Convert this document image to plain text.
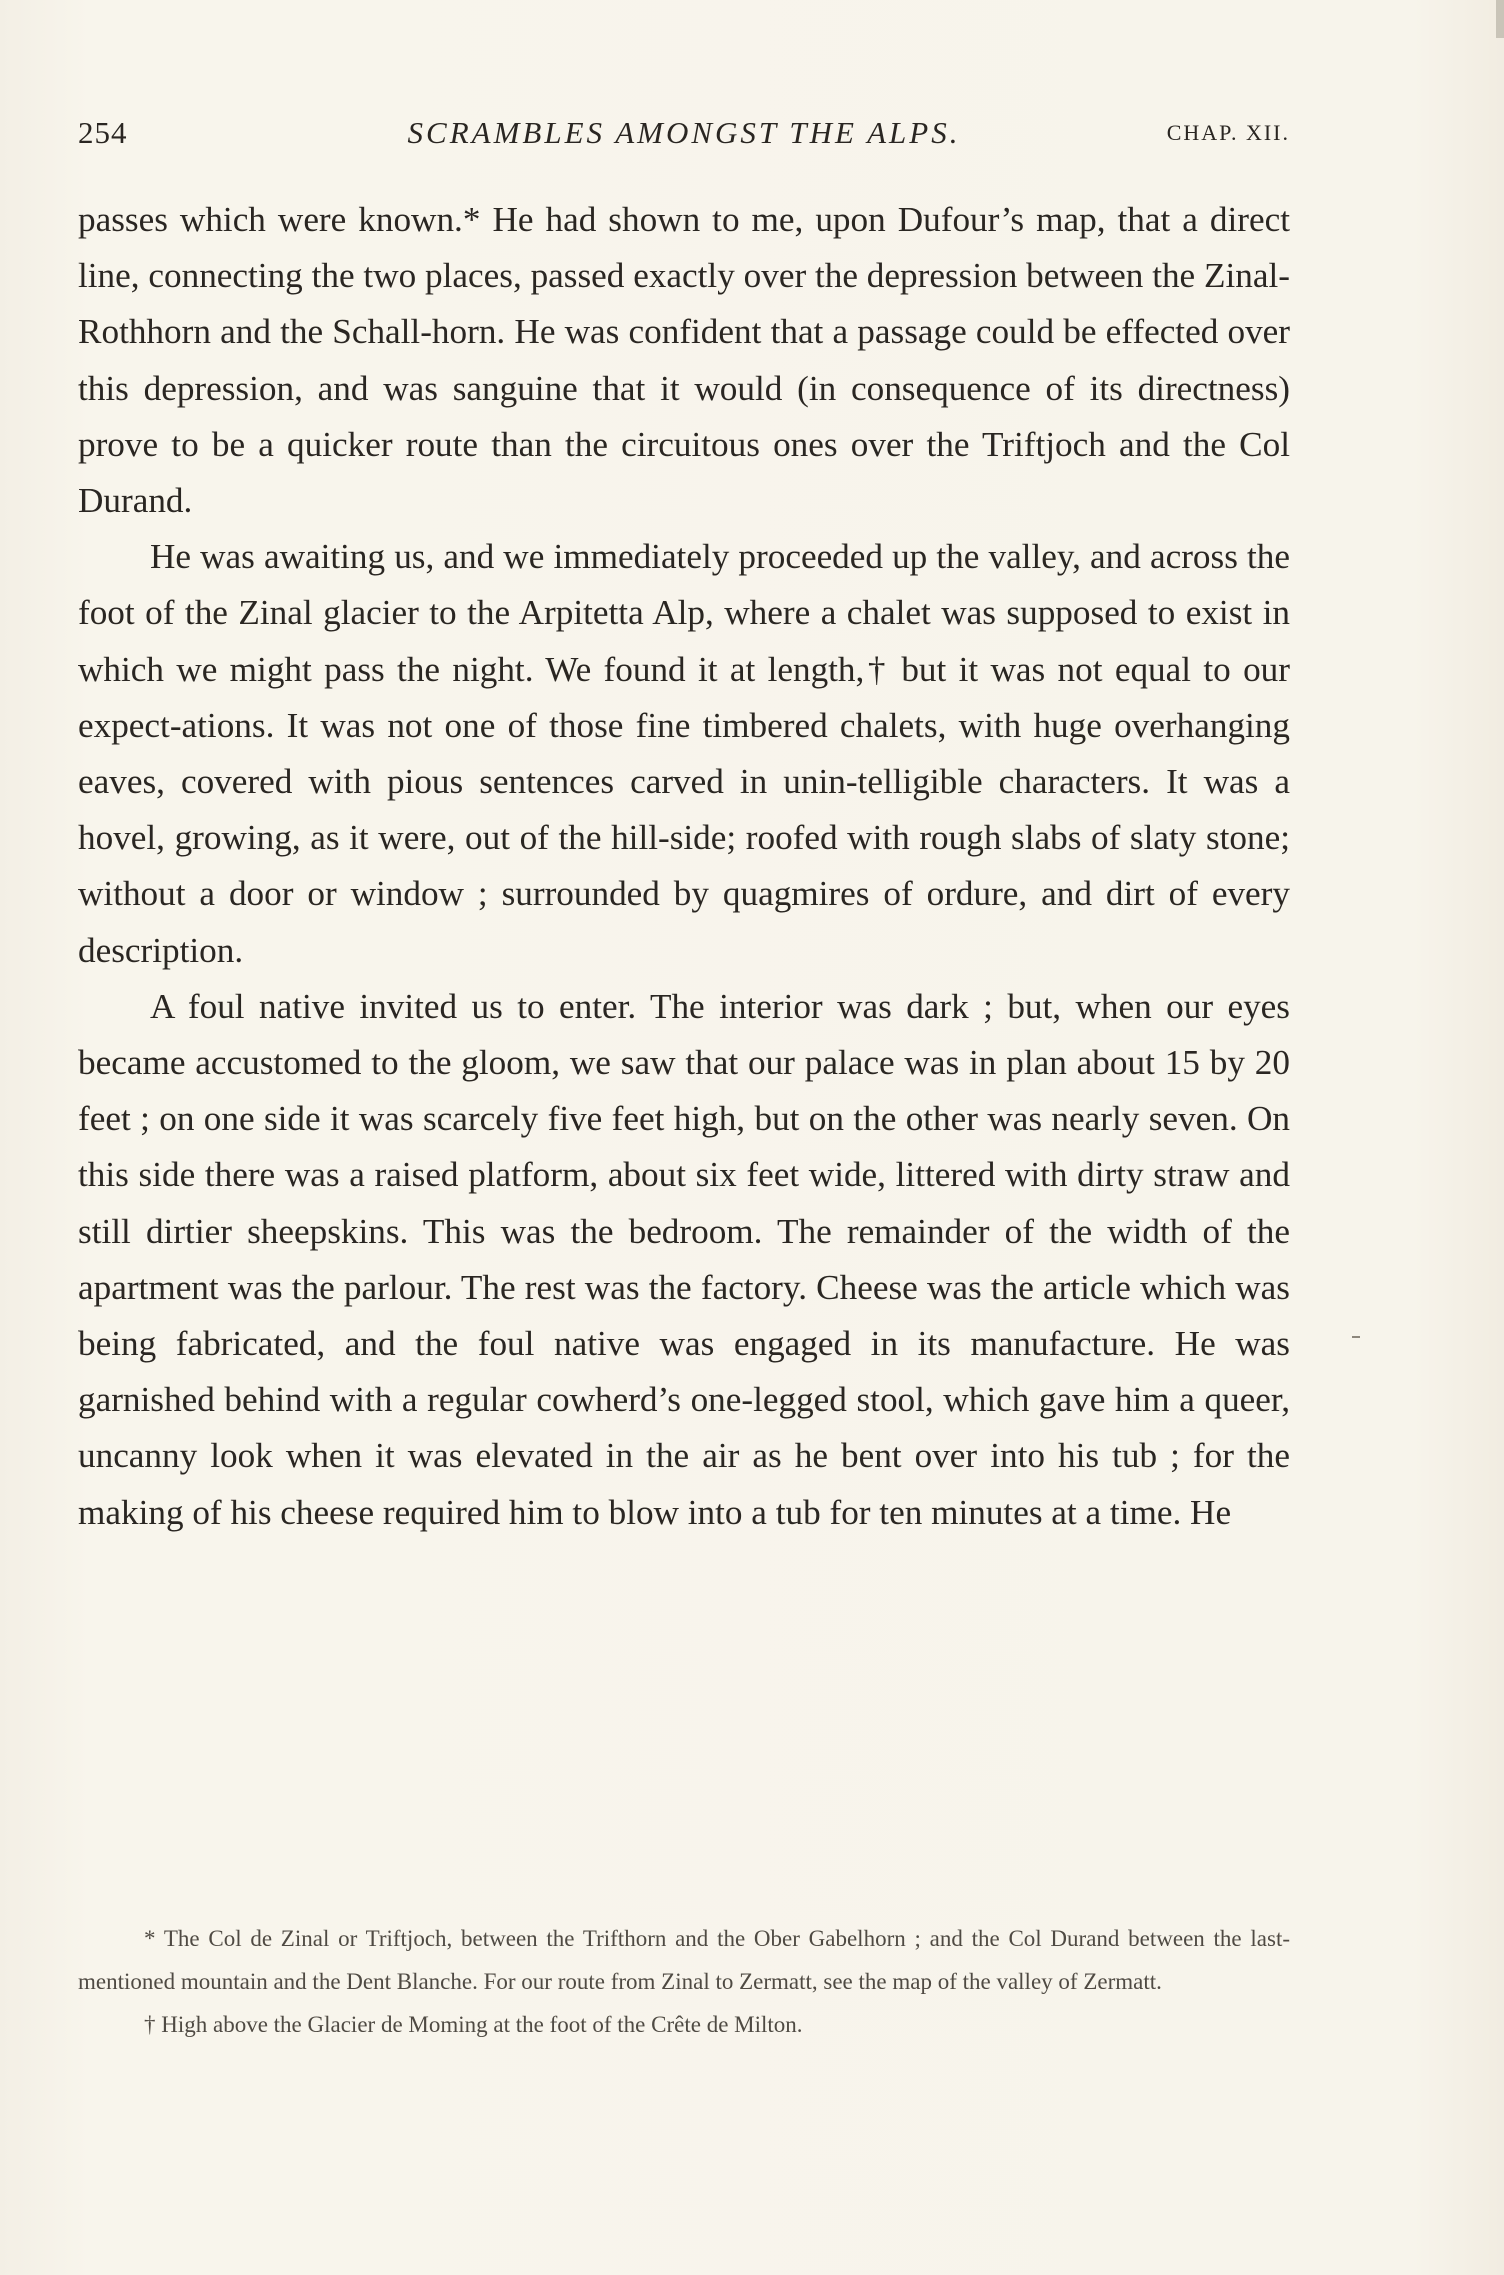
254	SCRAMBLES AMONGST THE ALPS.	CHAP. XII.

passes which were known.* He had shown to me, upon Dufour’s map, that a direct line, connecting the two places, passed exactly over the depression between the Zinal-Rothhorn and the Schall-horn. He was confident that a passage could be effected over this depression, and was sanguine that it would (in consequence of its directness) prove to be a quicker route than the circuitous ones over the Triftjoch and the Col Durand.

He was awaiting us, and we immediately proceeded up the valley, and across the foot of the Zinal glacier to the Arpitetta Alp, where a chalet was supposed to exist in which we might pass the night. We found it at length,† but it was not equal to our expect-ations. It was not one of those fine timbered chalets, with huge overhanging eaves, covered with pious sentences carved in unin-telligible characters. It was a hovel, growing, as it were, out of the hill-side; roofed with rough slabs of slaty stone; without a door or window ; surrounded by quagmires of ordure, and dirt of every description.

A foul native invited us to enter. The interior was dark ; but, when our eyes became accustomed to the gloom, we saw that our palace was in plan about 15 by 20 feet ; on one side it was scarcely five feet high, but on the other was nearly seven. On this side there was a raised platform, about six feet wide, littered with dirty straw and still dirtier sheepskins. This was the bedroom. The remainder of the width of the apartment was the parlour. The rest was the factory. Cheese was the article which was being fabricated, and the foul native was engaged in its manufacture. He was garnished behind with a regular cowherd’s one-legged stool, which gave him a queer, uncanny look when it was elevated in the air as he bent over into his tub ; for the making of his cheese required him to blow into a tub for ten minutes at a time. He

* The Col de Zinal or Triftjoch, between the Trifthorn and the Ober Gabelhorn ; and the Col Durand between the last-mentioned mountain and the Dent Blanche. For our route from Zinal to Zermatt, see the map of the valley of Zermatt.

† High above the Glacier de Moming at the foot of the Crête de Milton.
